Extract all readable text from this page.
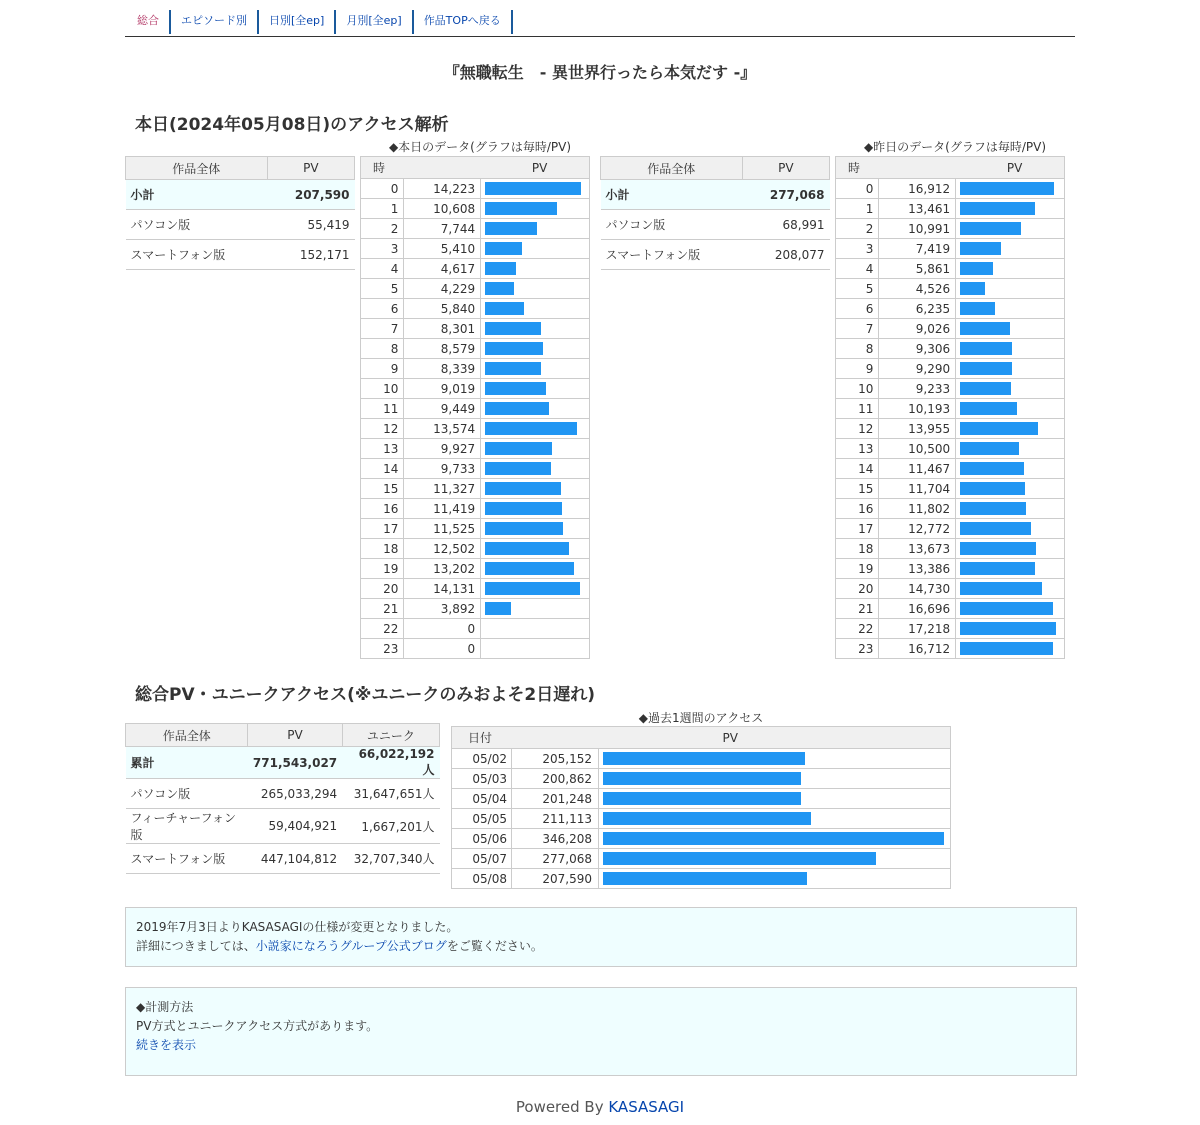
総合	エピソード別	日別[全ep]	月別[全ep]	作品TOPへ戻る
『無職転生　- 異世界行ったら本気だす -』
本日(2024年05月08日)のアクセス解析
◆本日のデータ(グラフは毎時/PV)	◆昨日のデータ(グラフは毎時/PV)
作品全体	PV
小計	207,590
パソコン版	55,419
スマートフォン版	152,171
時	PV	
0	14,223	

1	10,608	

2	7,744	

3	5,410	

4	4,617	

5	4,229	

6	5,840	

7	8,301	

8	8,579	

9	8,339	

10	9,019	

11	9,449	

12	13,574	

13	9,927	

14	9,733	

15	11,327	

16	11,419	

17	11,525	

18	12,502	

19	13,202	

20	14,131	

21	3,892	

22	0	
23	0	
作品全体	PV
小計	277,068
パソコン版	68,991
スマートフォン版	208,077
時	PV	
0	16,912	

1	13,461	

2	10,991	

3	7,419	

4	5,861	

5	4,526	

6	6,235	

7	9,026	

8	9,306	

9	9,290	

10	9,233	

11	10,193	

12	13,955	

13	10,500	

14	11,467	

15	11,704	

16	11,802	

17	12,772	

18	13,673	

19	13,386	

20	14,730	

21	16,696	

22	17,218	

23	16,712	
総合PV・ユニークアクセス(※ユニークのみおよそ2日遅れ)
作品全体	PV	ユニーク
累計	771,543,027	66,022,192人
パソコン版	265,033,294	31,647,651人
フィーチャーフォン版	59,404,921	1,667,201人
スマートフォン版	447,104,812	32,707,340人
◆過去1週間のアクセス
日付	PV	
05/02	205,152	

05/03	200,862	

05/04	201,248	

05/05	211,113	

05/06	346,208	

05/07	277,068	

05/08	207,590	
2019年7月3日よりKASASAGIの仕様が変更となりました。
詳細につきましては、小説家になろうグループ公式ブログをご覧ください。
◆計測方法
PV方式とユニークアクセス方式があります。
続きを表示
Powered By KASASAGI
